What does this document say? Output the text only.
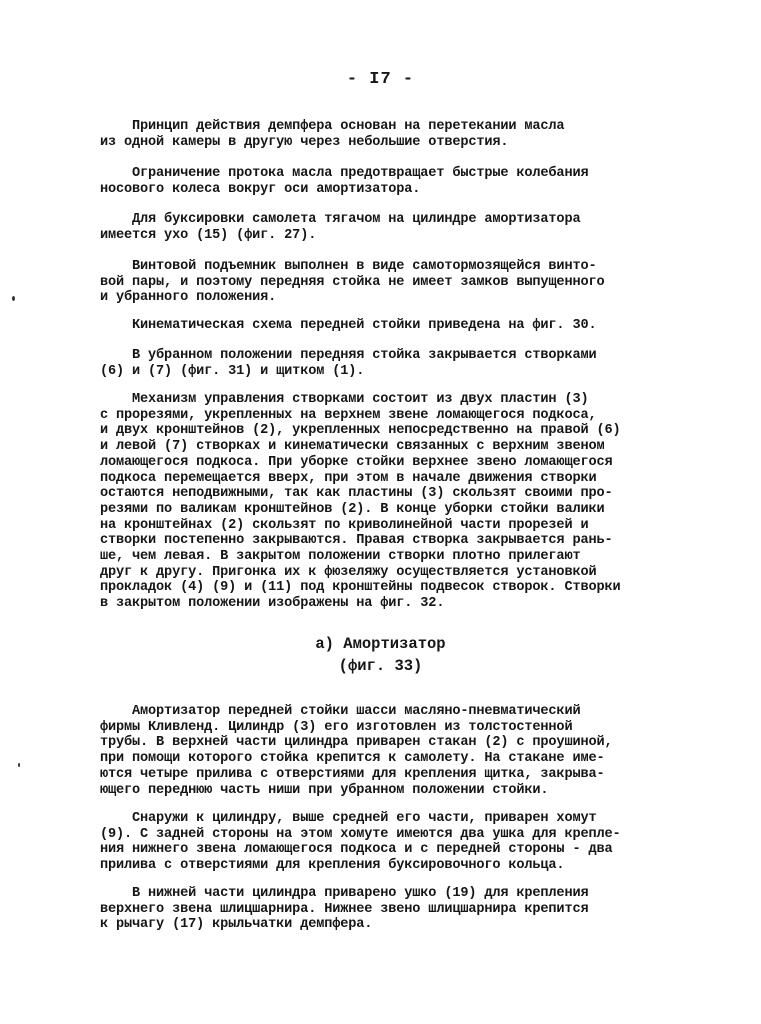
- I7 -
Принцип действия демпфера основан на перетекании масла
из одной камеры в другую через небольшие отверстия.
Ограничение протока масла предотвращает быстрые колебания
носового колеса вокруг оси амортизатора.
Для буксировки самолета тягачом на цилиндре амортизатора
имеется ухо (15) (фиг. 27).
Винтовой подъемник выполнен в виде самотормозящейся винто-
вой пары, и поэтому передняя стойка не имеет замков выпущенного
и убранного положения.
Кинематическая схема передней стойки приведена на фиг. 30.
В убранном положении передняя стойка закрывается створками
(6) и (7) (фиг. 31) и щитком (1).
Механизм управления створками состоит из двух пластин (3)
с прорезями, укрепленных на верхнем звене ломающегося подкоса,
и двух кронштейнов (2), укрепленных непосредственно на правой (6)
и левой (7) створках и кинематически связанных с верхним звеном
ломающегося подкоса. При уборке стойки верхнее звено ломающегося
подкоса перемещается вверх, при этом в начале движения створки
остаются неподвижными, так как пластины (3) скользят своими про-
резями по валикам кронштейнов (2). В конце уборки стойки валики
на кронштейнах (2) скользят по криволинейной части прорезей и
створки постепенно закрываются. Правая створка закрывается рань-
ше, чем левая. В закрытом положении створки плотно прилегают
друг к другу. Пригонка их к фюзеляжу осуществляется установкой
прокладок (4) (9) и (11) под кронштейны подвесок створок. Створки
в закрытом положении изображены на фиг. 32.
а) Амортизатор
(фиг. 33)
Амортизатор передней стойки шасси масляно-пневматический
фирмы Кливленд. Цилиндр (3) его изготовлен из толстостенной
трубы. В верхней части цилиндра приварен стакан (2) с проушиной,
при помощи которого стойка крепится к самолету. На стакане име-
ются четыре прилива с отверстиями для крепления щитка, закрыва-
ющего переднюю часть ниши при убранном положении стойки.
Снаружи к цилиндру, выше средней его части, приварен хомут
(9). С задней стороны на этом хомуте имеются два ушка для крепле-
ния нижнего звена ломающегося подкоса и с передней стороны - два
прилива с отверстиями для крепления буксировочного кольца.
В нижней части цилиндра приварено ушко (19) для крепления
верхнего звена шлицшарнира. Нижнее звено шлицшарнира крепится
к рычагу (17) крыльчатки демпфера.
